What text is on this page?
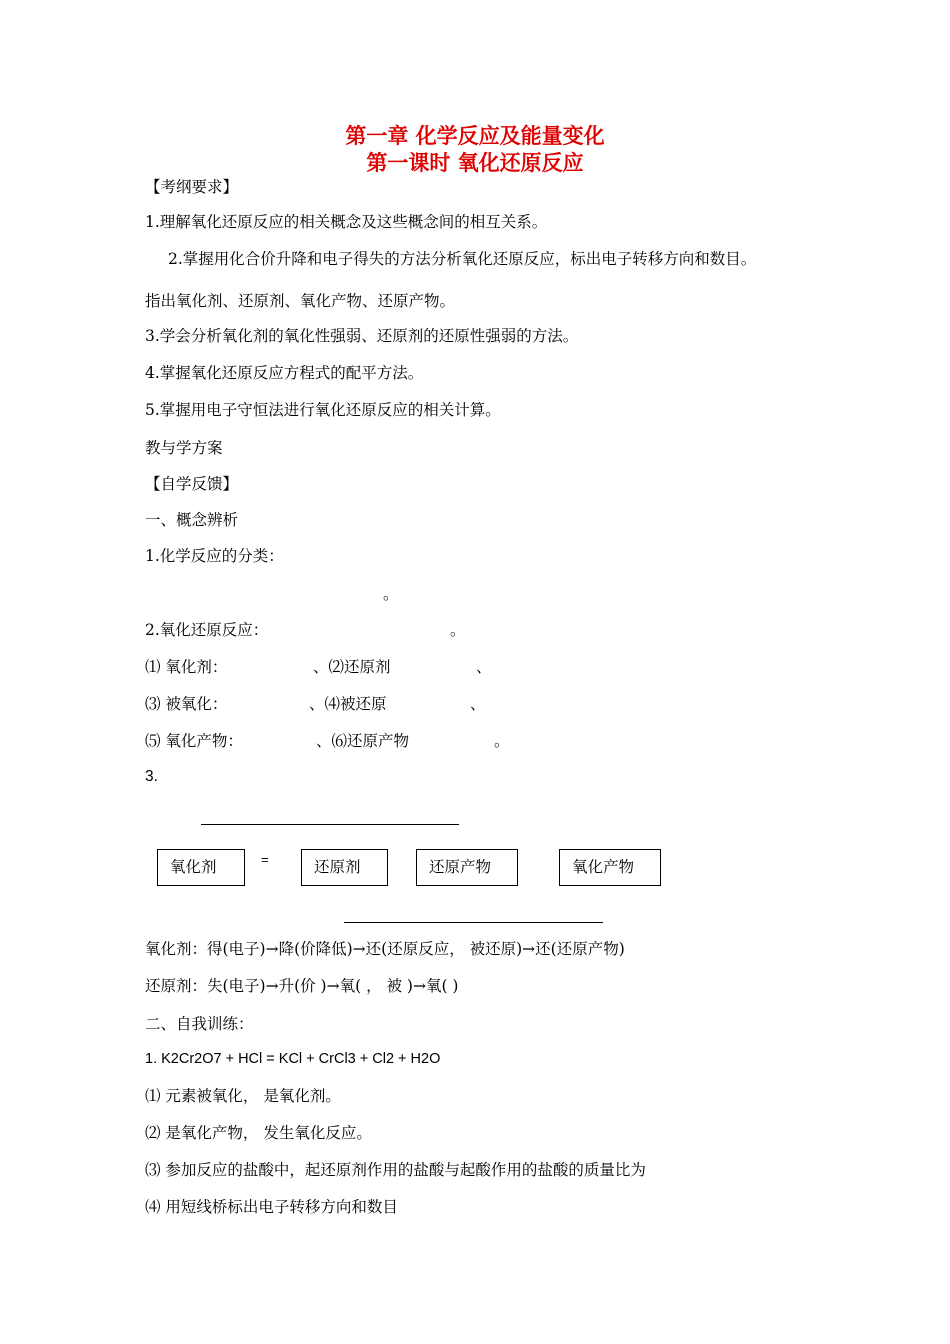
第一章 化学反应及能量变化
第一课时 氧化还原反应
【考纲要求】
1.理解氧化还原反应的相关概念及这些概念间的相互关系。
2.掌握用化合价升降和电子得失的方法分析氧化还原反应，标出电子转移方向和数目。
指出氧化剂、还原剂、氧化产物、还原产物。
3.学会分析氧化剂的氧化性强弱、还原剂的还原性强弱的方法。
4.掌握氧化还原反应方程式的配平方法。
5.掌握用电子守恒法进行氧化还原反应的相关计算。
教与学方案
【自学反馈】
一、概念辨析
1.化学反应的分类：
。
2.氧化还原反应：	。
⑴ 氧化剂：	、⑵还原剂	、
⑶ 被氧化：	、⑷被还原	、
⑸ 氧化产物：	、⑹还原产物	。
3.
氧化剂	=	还原剂	还原产物	氧化产物
氧化剂：得(电子)→降(价降低)→还(还原反应， 被还原)→还(还原产物)
还原剂：失(电子)→升(价 )→氧( ， 被 )→氧( )
二、自我训练：
1. K2Cr2O7 + HCl = KCl + CrCl3 + Cl2 + H2O
⑴ 元素被氧化， 是氧化剂。
⑵ 是氧化产物， 发生氧化反应。
⑶ 参加反应的盐酸中，起还原剂作用的盐酸与起酸作用的盐酸的质量比为
⑷ 用短线桥标出电子转移方向和数目
